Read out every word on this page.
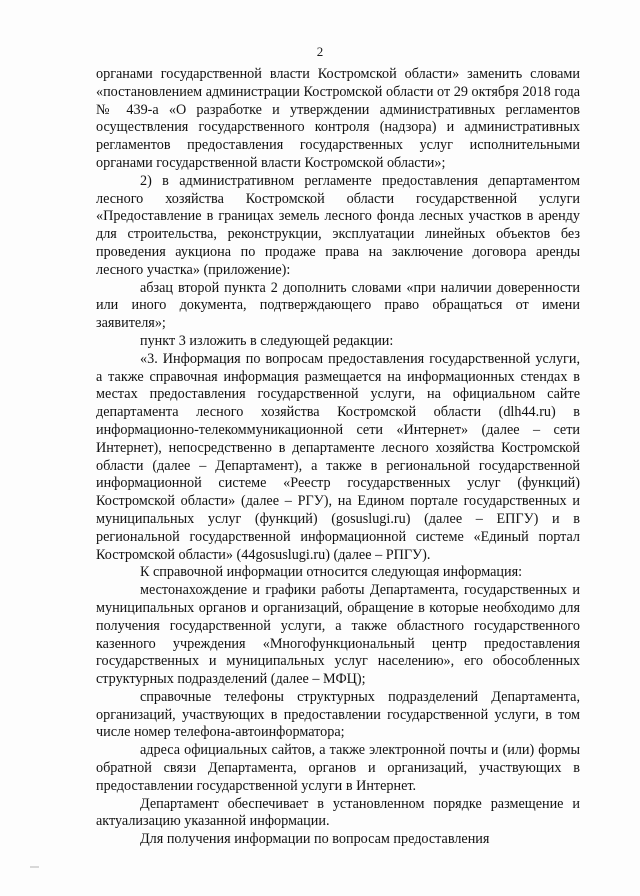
2

органами государственной власти Костромской области» заменить словами «постановлением администрации Костромской области от 29 октября 2018 года № 439-а «О разработке и утверждении административных регламентов осуществления государственного контроля (надзора) и административных регламентов предоставления государственных услуг исполнительными органами государственной власти Костромской области»;

2) в административном регламенте предоставления департаментом лесного хозяйства Костромской области государственной услуги «Предоставление в границах земель лесного фонда лесных участков в аренду для строительства, реконструкции, эксплуатации линейных объектов без проведения аукциона по продаже права на заключение договора аренды лесного участка» (приложение):

абзац второй пункта 2 дополнить словами «при наличии доверенности или иного документа, подтверждающего право обращаться от имени заявителя»;

пункт 3 изложить в следующей редакции:

«3. Информация по вопросам предоставления государственной услуги, а также справочная информация размещается на информационных стендах в местах предоставления государственной услуги, на официальном сайте департамента лесного хозяйства Костромской области (dlh44.ru) в информационно-телекоммуникационной сети «Интернет» (далее – сети Интернет), непосредственно в департаменте лесного хозяйства Костромской области (далее – Департамент), а также в региональной государственной информационной системе «Реестр государственных услуг (функций) Костромской области» (далее – РГУ), на Едином портале государственных и муниципальных услуг (функций) (gosuslugi.ru) (далее – ЕПГУ) и в региональной государственной информационной системе «Единый портал Костромской области» (44gosuslugi.ru) (далее – РПГУ).

К справочной информации относится следующая информация:

местонахождение и графики работы Департамента, государственных и муниципальных органов и организаций, обращение в которые необходимо для получения государственной услуги, а также областного государственного казенного учреждения «Многофункциональный центр предоставления государственных и муниципальных услуг населению», его обособленных структурных подразделений (далее – МФЦ);

справочные телефоны структурных подразделений Департамента, организаций, участвующих в предоставлении государственной услуги, в том числе номер телефона-автоинформатора;

адреса официальных сайтов, а также электронной почты и (или) формы обратной связи Департамента, органов и организаций, участвующих в предоставлении государственной услуги в Интернет.

Департамент обеспечивает в установленном порядке размещение и актуализацию указанной информации.

Для получения информации по вопросам предоставления
